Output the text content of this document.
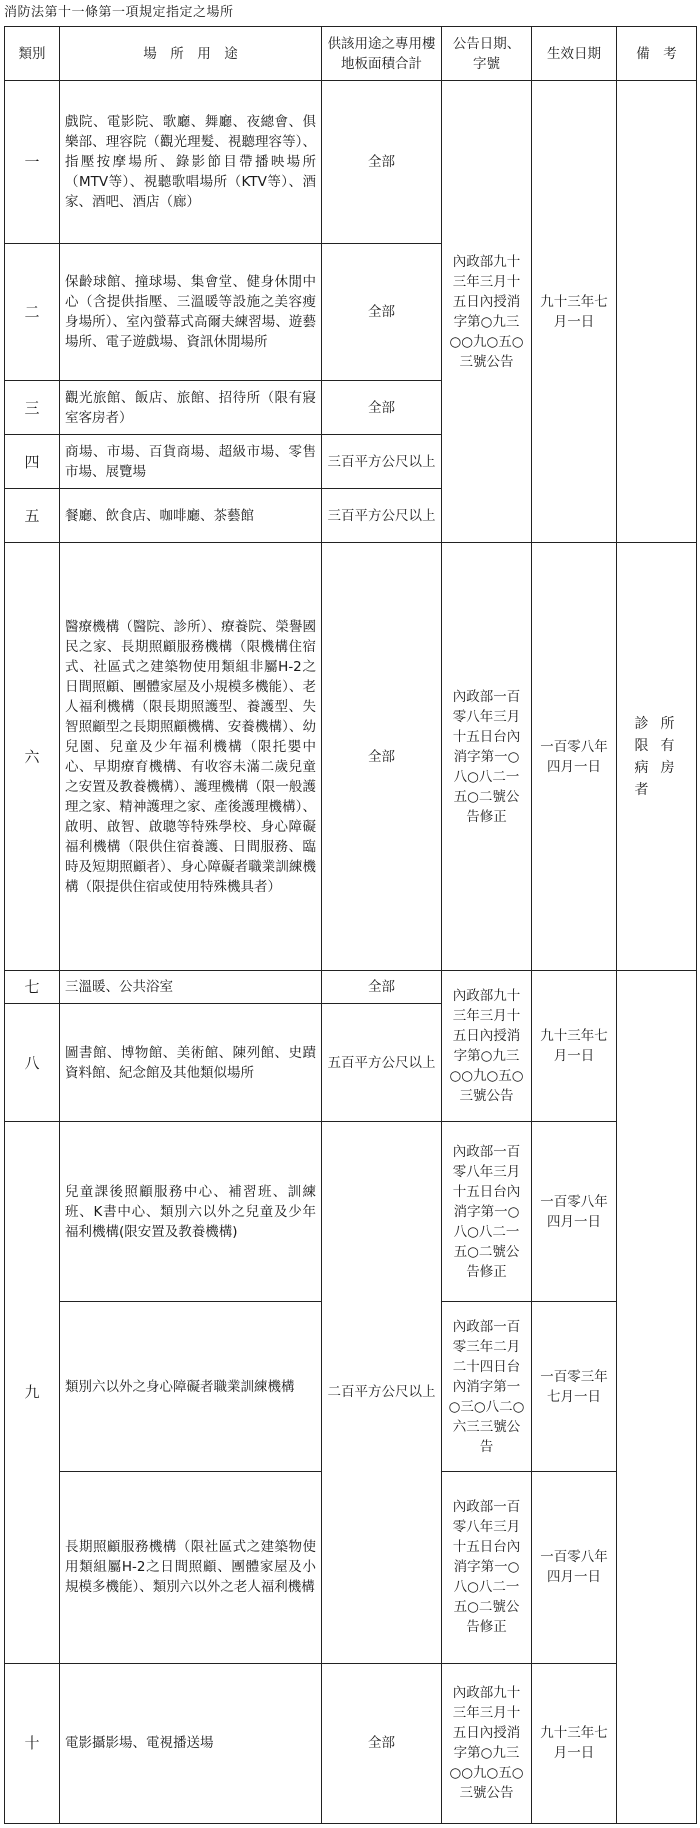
消防法第十一條第一項規定指定之場所
類別	場　所　用　途	供該用途之專用樓地板面積合計	公告日期、字號	生效日期	備　考
一	戲院、電影院、歌廳、舞廳、夜總會、俱樂部、理容院（觀光理髮、視聽理容等）、指壓按摩場所、錄影節目帶播映場所（MTV等）、視聽歌唱場所（KTV等）、酒家、酒吧、酒店（廊）	全部	內政部九十三年三月十五日內授消字第○九三○○九○五○三號公告	九十三年七月一日	
二	保齡球館、撞球場、集會堂、健身休閒中心（含提供指壓、三溫暖等設施之美容瘦身場所）、室內螢幕式高爾夫練習場、遊藝場所、電子遊戲場、資訊休閒場所	全部			
三	觀光旅館、飯店、旅館、招待所（限有寢室客房者）	全部			
四	商場、市場、百貨商場、超級市場、零售市場、展覽場	三百平方公尺以上			
五	餐廳、飲食店、咖啡廳、茶藝館	三百平方公尺以上			
六	醫療機構（醫院、診所）、療養院、榮譽國民之家、長期照顧服務機構（限機構住宿式、社區式之建築物使用類組非屬H-2之日間照顧、團體家屋及小規模多機能）、老人福利機構（限長期照護型、養護型、失智照顧型之長期照顧機構、安養機構）、幼兒園、兒童及少年福利機構（限托嬰中心、早期療育機構、有收容未滿二歲兒童之安置及教養機構）、護理機構（限一般護理之家、精神護理之家、產後護理機構）、啟明、啟智、啟聰等特殊學校、身心障礙福利機構（限供住宿養護、日間服務、臨時及短期照顧者）、身心障礙者職業訓練機構（限提供住宿或使用特殊機具者）	全部	內政部一百零八年三月十五日台內消字第一○八○八二一五○二號公告修正	一百零八年四月一日	診所限有病房者
七	三溫暖、公共浴室	全部	內政部九十三年三月十五日內授消字第○九三○○九○五○三號公告	九十三年七月一日	
八	圖書館、博物館、美術館、陳列館、史蹟資料館、紀念館及其他類似場所	五百平方公尺以上			
九	兒童課後照顧服務中心、補習班、訓練班、K書中心、類別六以外之兒童及少年福利機構(限安置及教養機構)	二百平方公尺以上	內政部一百零八年三月十五日台內消字第一○八○八二一五○二號公告修正	一百零八年四月一日	
	類別六以外之身心障礙者職業訓練機構		內政部一百零三年二月二十四日台內消字第一○三○八二○六三三號公告	一百零三年七月一日	
	長期照顧服務機構（限社區式之建築物使用類組屬H-2之日間照顧、團體家屋及小規模多機能）、類別六以外之老人福利機構		內政部一百零八年三月十五日台內消字第一○八○八二一五○二號公告修正	一百零八年四月一日	
十	電影攝影場、電視播送場	全部	內政部九十三年三月十五日內授消字第○九三○○九○五○三號公告	九十三年七月一日	
